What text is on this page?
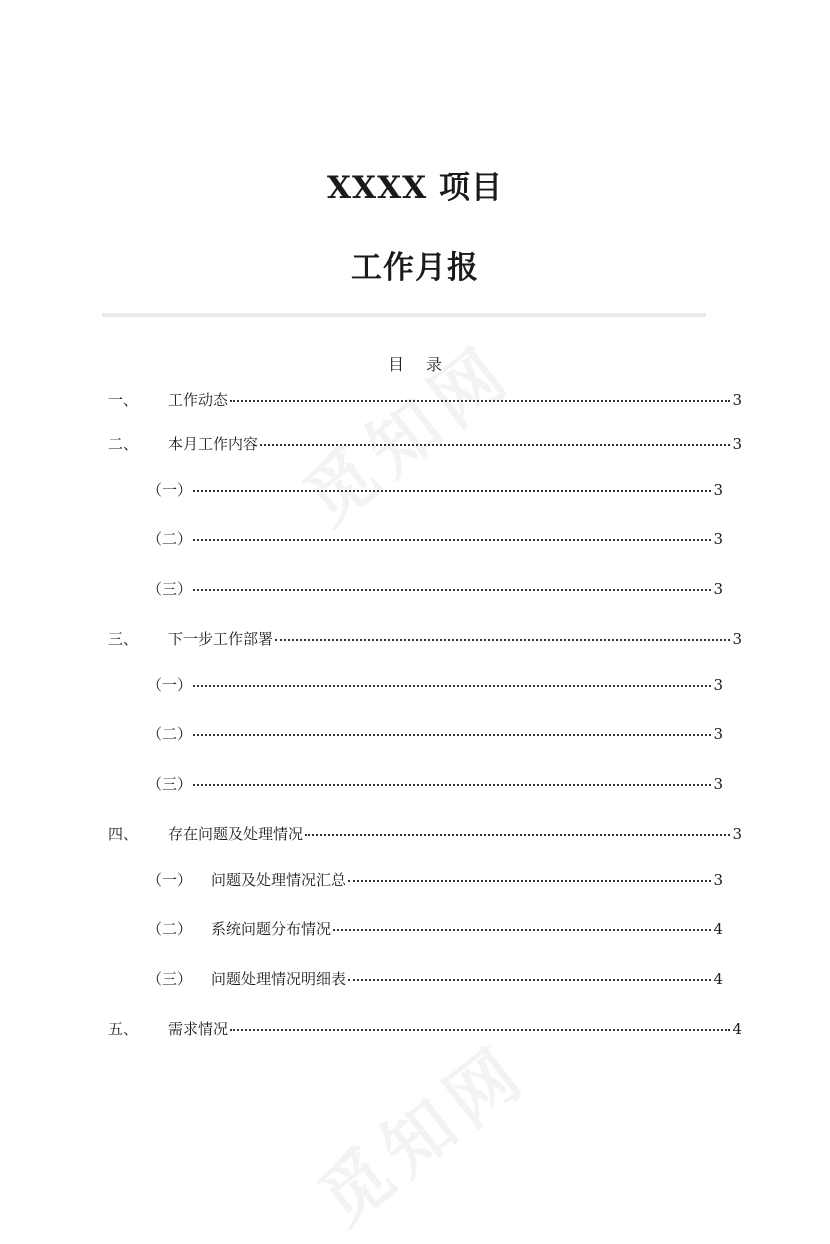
XXXX 项目
工作月报
目录
一、	工作动态	3
二、	本月工作内容	3
（一）	3
（二）	3
（三）	3
三、	下一步工作部署	3
（一）	3
（二）	3
（三）	3
四、	存在问题及处理情况	3
（一）	问题及处理情况汇总	3
（二）	系统问题分布情况	4
（三）	问题处理情况明细表	4
五、	需求情况	4
